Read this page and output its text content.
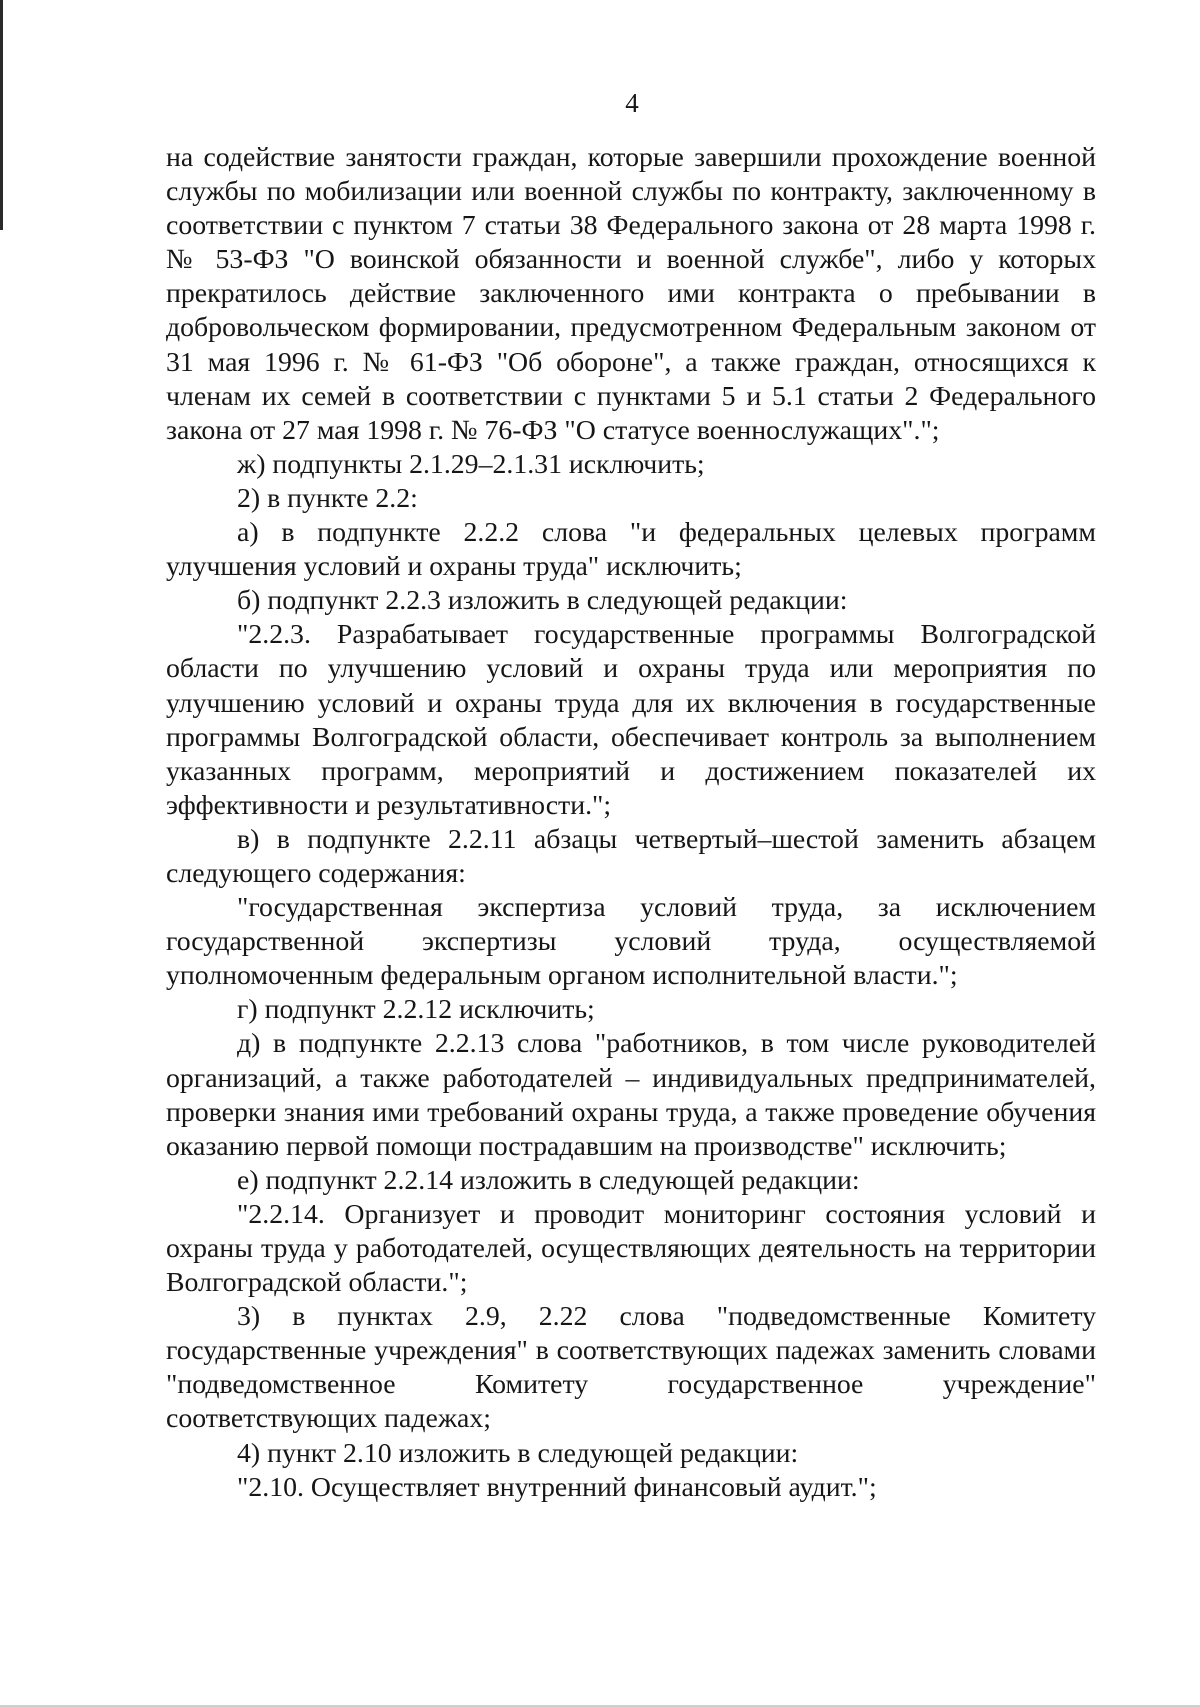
4

на содействие занятости граждан, которые завершили прохождение военной службы по мобилизации или военной службы по контракту, заключенному в соответствии с пунктом 7 статьи 38 Федерального закона от 28 марта 1998 г. № 53-ФЗ "О воинской обязанности и военной службе", либо у которых прекратилось действие заключенного ими контракта о пребывании в добровольческом формировании, предусмотренном Федеральным законом от 31 мая 1996 г. № 61-ФЗ "Об обороне", а также граждан, относящихся к членам их семей в соответствии с пунктами 5 и 5.1 статьи 2 Федерального закона от 27 мая 1998 г. № 76-ФЗ "О статусе военнослужащих".";

ж) подпункты 2.1.29–2.1.31 исключить;

2) в пункте 2.2:

а) в подпункте 2.2.2 слова "и федеральных целевых программ улучшения условий и охраны труда" исключить;

б) подпункт 2.2.3 изложить в следующей редакции:

"2.2.3. Разрабатывает государственные программы Волгоградской области по улучшению условий и охраны труда или мероприятия по улучшению условий и охраны труда для их включения в государственные программы Волгоградской области, обеспечивает контроль за выполнением указанных программ, мероприятий и достижением показателей их эффективности и результативности.";

в) в подпункте 2.2.11 абзацы четвертый–шестой заменить абзацем следующего содержания:

"государственная экспертиза условий труда, за исключением государственной экспертизы условий труда, осуществляемой уполномоченным федеральным органом исполнительной власти.";

г) подпункт 2.2.12 исключить;

д) в подпункте 2.2.13 слова "работников, в том числе руководителей организаций, а также работодателей – индивидуальных предпринимателей, проверки знания ими требований охраны труда, а также проведение обучения оказанию первой помощи пострадавшим на производстве" исключить;

е) подпункт 2.2.14 изложить в следующей редакции:

"2.2.14. Организует и проводит мониторинг состояния условий и охраны труда у работодателей, осуществляющих деятельность на территории Волгоградской области.";

3) в пунктах 2.9, 2.22 слова "подведомственные Комитету государственные учреждения" в соответствующих падежах заменить словами "подведомственное Комитету государственное учреждение" соответствующих падежах;

4) пункт 2.10 изложить в следующей редакции:

"2.10. Осуществляет внутренний финансовый аудит.";
